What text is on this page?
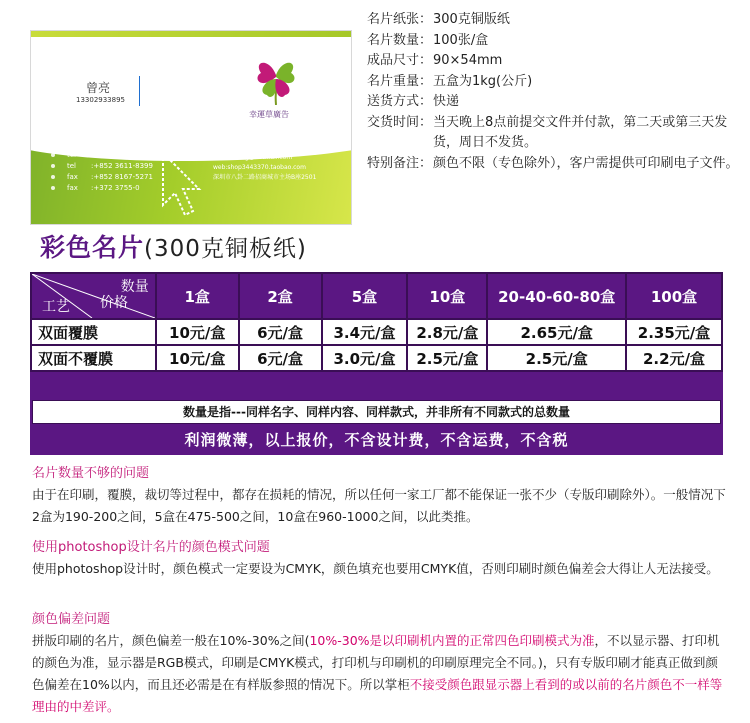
曾亮
13302933895
幸運草廣告
tel	:+755 2265-7235
tel	:+852 3611-8399
fax	:+852 8167-5271
fax	:+372 3755-0
msn:lttliang@hotmail.com
web:shop3443370.taobao.com
深圳市八卦二路招商城市主场B座2501
名片纸张： 300克铜版纸
名片数量： 100张/盒
成品尺寸： 90×54mm
名片重量： 五盒为1kg(公斤)
送货方式： 快递
交货时间： 当天晚上8点前提交文件并付款，第二天或第三天发货，周日不发货。
特别备注： 颜色不限（专色除外），客户需提供可印刷电子文件。
彩色名片(300克铜板纸)
数量
工艺 价格	1盒	2盒	5盒	10盒	20-40-60-80盒	100盒
双面覆膜	10元/盒	6元/盒	3.4元/盒	2.8元/盒	2.65元/盒	2.35元/盒
双面不覆膜	10元/盒	6元/盒	3.0元/盒	2.5元/盒	2.5元/盒	2.2元/盒
数量是指---同样名字、同样内容、同样款式，并非所有不同款式的总数量
利润微薄，以上报价，不含设计费，不含运费，不含税
名片数量不够的问题

由于在印刷，覆膜，裁切等过程中，都存在损耗的情况，所以任何一家工厂都不能保证一张不少（专版印刷除外）。一般情况下2盒为190-200之间，5盒在475-500之间，10盒在960-1000之间，以此类推。

使用photoshop设计名片的颜色模式问题

使用photoshop设计时，颜色模式一定要设为CMYK，颜色填充也要用CMYK值，否则印刷时颜色偏差会大得让人无法接受。

颜色偏差问题

拼版印刷的名片，颜色偏差一般在10%-30%之间(10%-30%是以印刷机内置的正常四色印刷模式为准，不以显示器、打印机的颜色为准，显示器是RGB模式，印刷是CMYK模式，打印机与印刷机的印刷原理完全不同。)，只有专版印刷才能真正做到颜色偏差在10%以内，而且还必需是在有样版参照的情况下。所以掌柜不接受颜色跟显示器上看到的或以前的名片颜色不一样等理由的中差评。
